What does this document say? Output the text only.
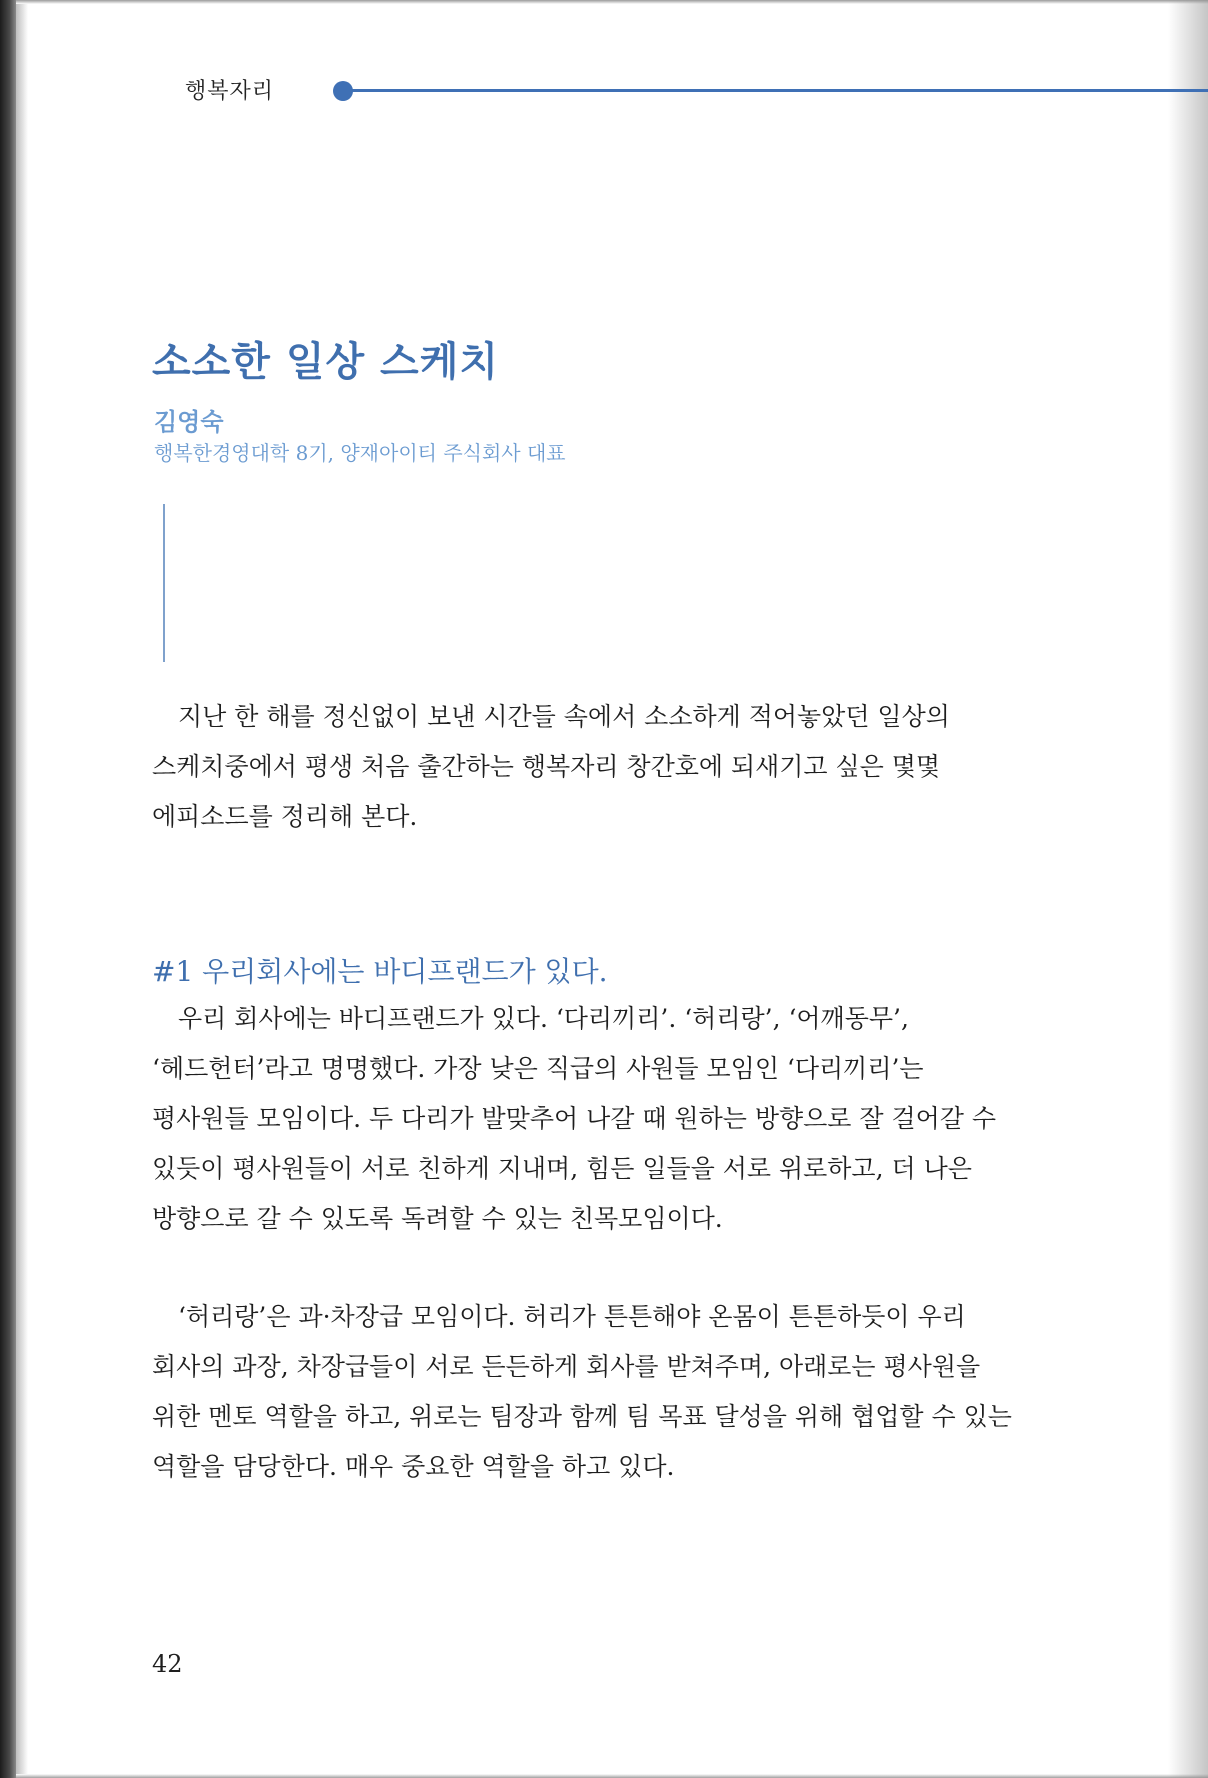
행복자리
소소한 일상 스케치
김영숙
행복한경영대학 8기, 양재아이티 주식회사 대표
지난 한 해를 정신없이 보낸 시간들 속에서 소소하게 적어놓았던 일상의 스케치중에서 평생 처음 출간하는 행복자리 창간호에 되새기고 싶은 몇몇 에피소드를 정리해 본다.
#1 우리회사에는 바디프랜드가 있다.
우리 회사에는 바디프랜드가 있다. ‘다리끼리’. ‘허리랑’, ‘어깨동무’, ‘헤드헌터’라고 명명했다. 가장 낮은 직급의 사원들 모임인 ‘다리끼리’는 평사원들 모임이다. 두 다리가 발맞추어 나갈 때 원하는 방향으로 잘 걸어갈 수 있듯이 평사원들이 서로 친하게 지내며, 힘든 일들을 서로 위로하고, 더 나은 방향으로 갈 수 있도록 독려할 수 있는 친목모임이다.
‘허리랑’은 과·차장급 모임이다. 허리가 튼튼해야 온몸이 튼튼하듯이 우리 회사의 과장, 차장급들이 서로 든든하게 회사를 받쳐주며, 아래로는 평사원을 위한 멘토 역할을 하고, 위로는 팀장과 함께 팀 목표 달성을 위해 협업할 수 있는 역할을 담당한다. 매우 중요한 역할을 하고 있다.
42
